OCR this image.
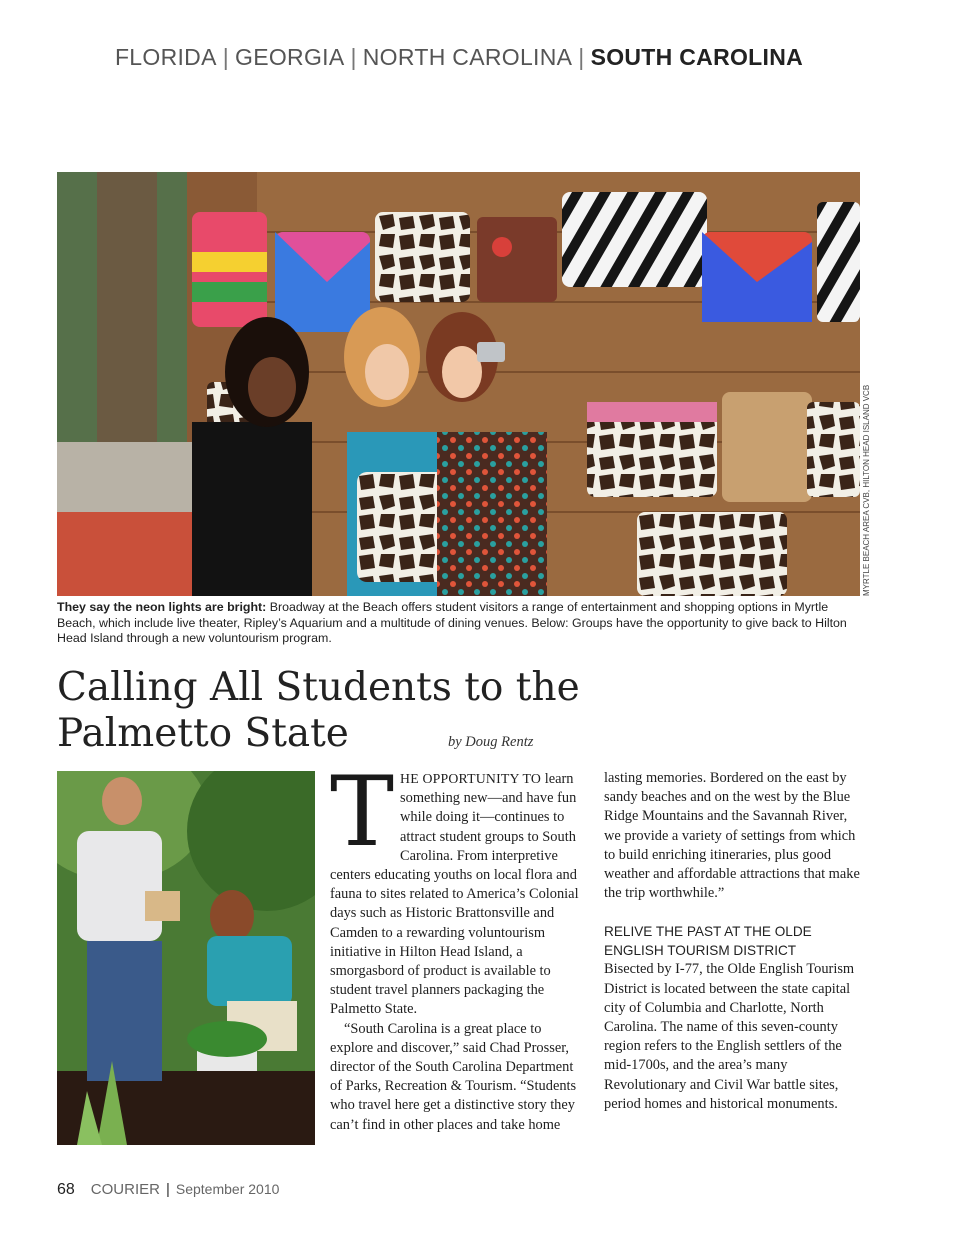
FLORIDA | GEORGIA | NORTH CAROLINA | SOUTH CAROLINA
MYRTLE BEACH AREA CVB, HILTON HEAD ISLAND VCB
They say the neon lights are bright: Broadway at the Beach offers student visitors a range of entertainment and shopping options in Myrtle Beach, which include live theater, Ripley’s Aquarium and a multitude of dining venues. Below: Groups have the opportunity to give back to Hilton Head Island through a new voluntourism program.
Calling All Students to the Palmetto State	by Doug Rentz

THE OPPORTUNITY TO learn something new—and have fun while doing it—continues to attract student groups to South Carolina. From interpretive centers educating youths on local flora and fauna to sites related to America’s Colonial days such as Historic Brattonsville and Camden to a rewarding voluntourism initiative in Hilton Head Island, a smorgasbord of product is available to student travel planners packaging the Palmetto State.

“South Carolina is a great place to explore and discover,” said Chad Prosser, director of the South Carolina Department of Parks, Recreation & Tourism. “Students who travel here get a distinctive story they can’t find in other places and take home

lasting memories. Bordered on the east by sandy beaches and on the west by the Blue Ridge Mountains and the Savannah River, we provide a variety of settings from which to build enriching itineraries, plus good weather and affordable attractions that make the trip worthwhile.”

RELIVE THE PAST AT THE OLDE ENGLISH TOURISM DISTRICT

Bisected by I-77, the Olde English Tourism District is located between the state capital city of Columbia and Charlotte, North Carolina. The name of this seven-county region refers to the English settlers of the mid-1700s, and the area’s many Revolutionary and Civil War battle sites, period homes and historical monuments.

68 COURIER | September 2010
